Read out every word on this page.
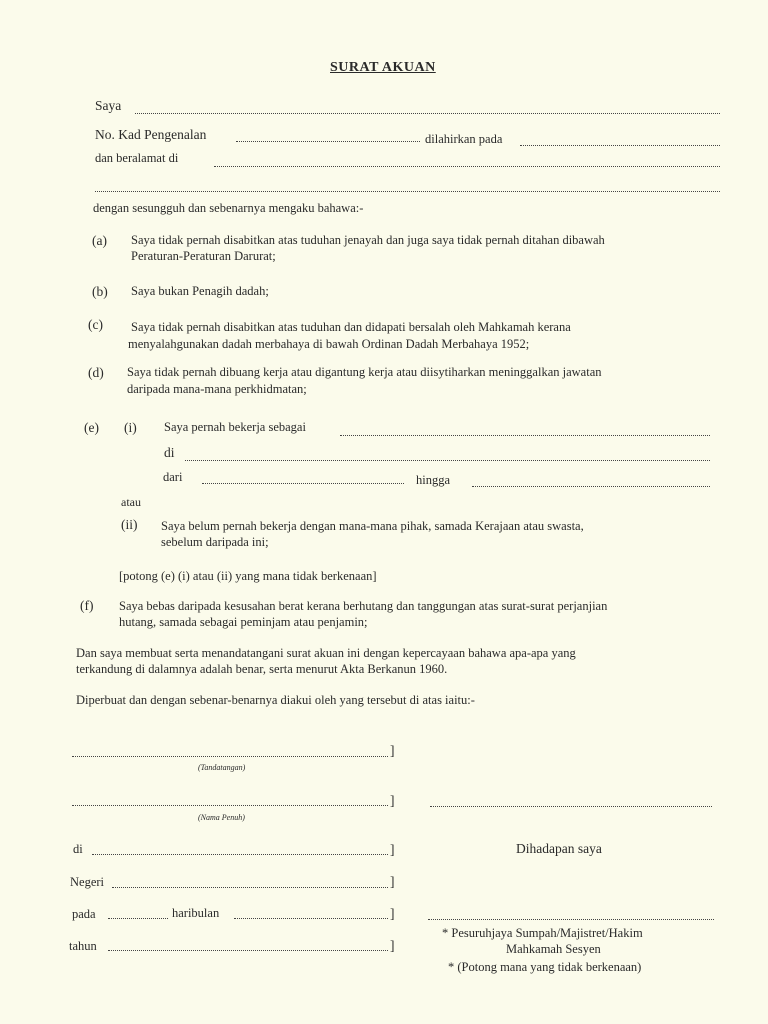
SURAT AKUAN
Saya
No. Kad Pengenalan	dilahirkan pada
dan beralamat di
dengan sesungguh dan sebenarnya mengaku bahawa:-
(a) Saya tidak pernah disabitkan atas tuduhan jenayah dan juga saya tidak pernah ditahan dibawah
Peraturan-Peraturan Darurat;
(b) Saya bukan Penagih dadah;
(c) Saya tidak pernah disabitkan atas tuduhan dan didapati bersalah oleh Mahkamah kerana
menyalahgunakan dadah merbahaya di bawah Ordinan Dadah Merbahaya 1952;
(d) Saya tidak pernah dibuang kerja atau digantung kerja atau diisytiharkan meninggalkan jawatan
daripada mana-mana perkhidmatan;
(e) (i) Saya pernah bekerja sebagai
di
dari	hingga
atau
(ii) Saya belum pernah bekerja dengan mana-mana pihak, samada Kerajaan atau swasta,
sebelum daripada ini;
[potong (e) (i) atau (ii) yang mana tidak berkenaan]
(f) Saya bebas daripada kesusahan berat kerana berhutang dan tanggungan atas surat-surat perjanjian
hutang, samada sebagai peminjam atau penjamin;
Dan saya membuat serta menandatangani surat akuan ini dengan kepercayaan bahawa apa-apa yang
terkandung di dalamnya adalah benar, serta menurut Akta Berkanun 1960.
Diperbuat dan dengan sebenar-benarnya diakui oleh yang tersebut di atas iaitu:-
]
(Tandatangan)
]
(Nama Penuh)
di	]
Negeri	]
pada	haribulan	]
tahun	]
Dihadapan saya
* Pesuruhjaya Sumpah/Majistret/Hakim
Mahkamah Sesyen
* (Potong mana yang tidak berkenaan)
